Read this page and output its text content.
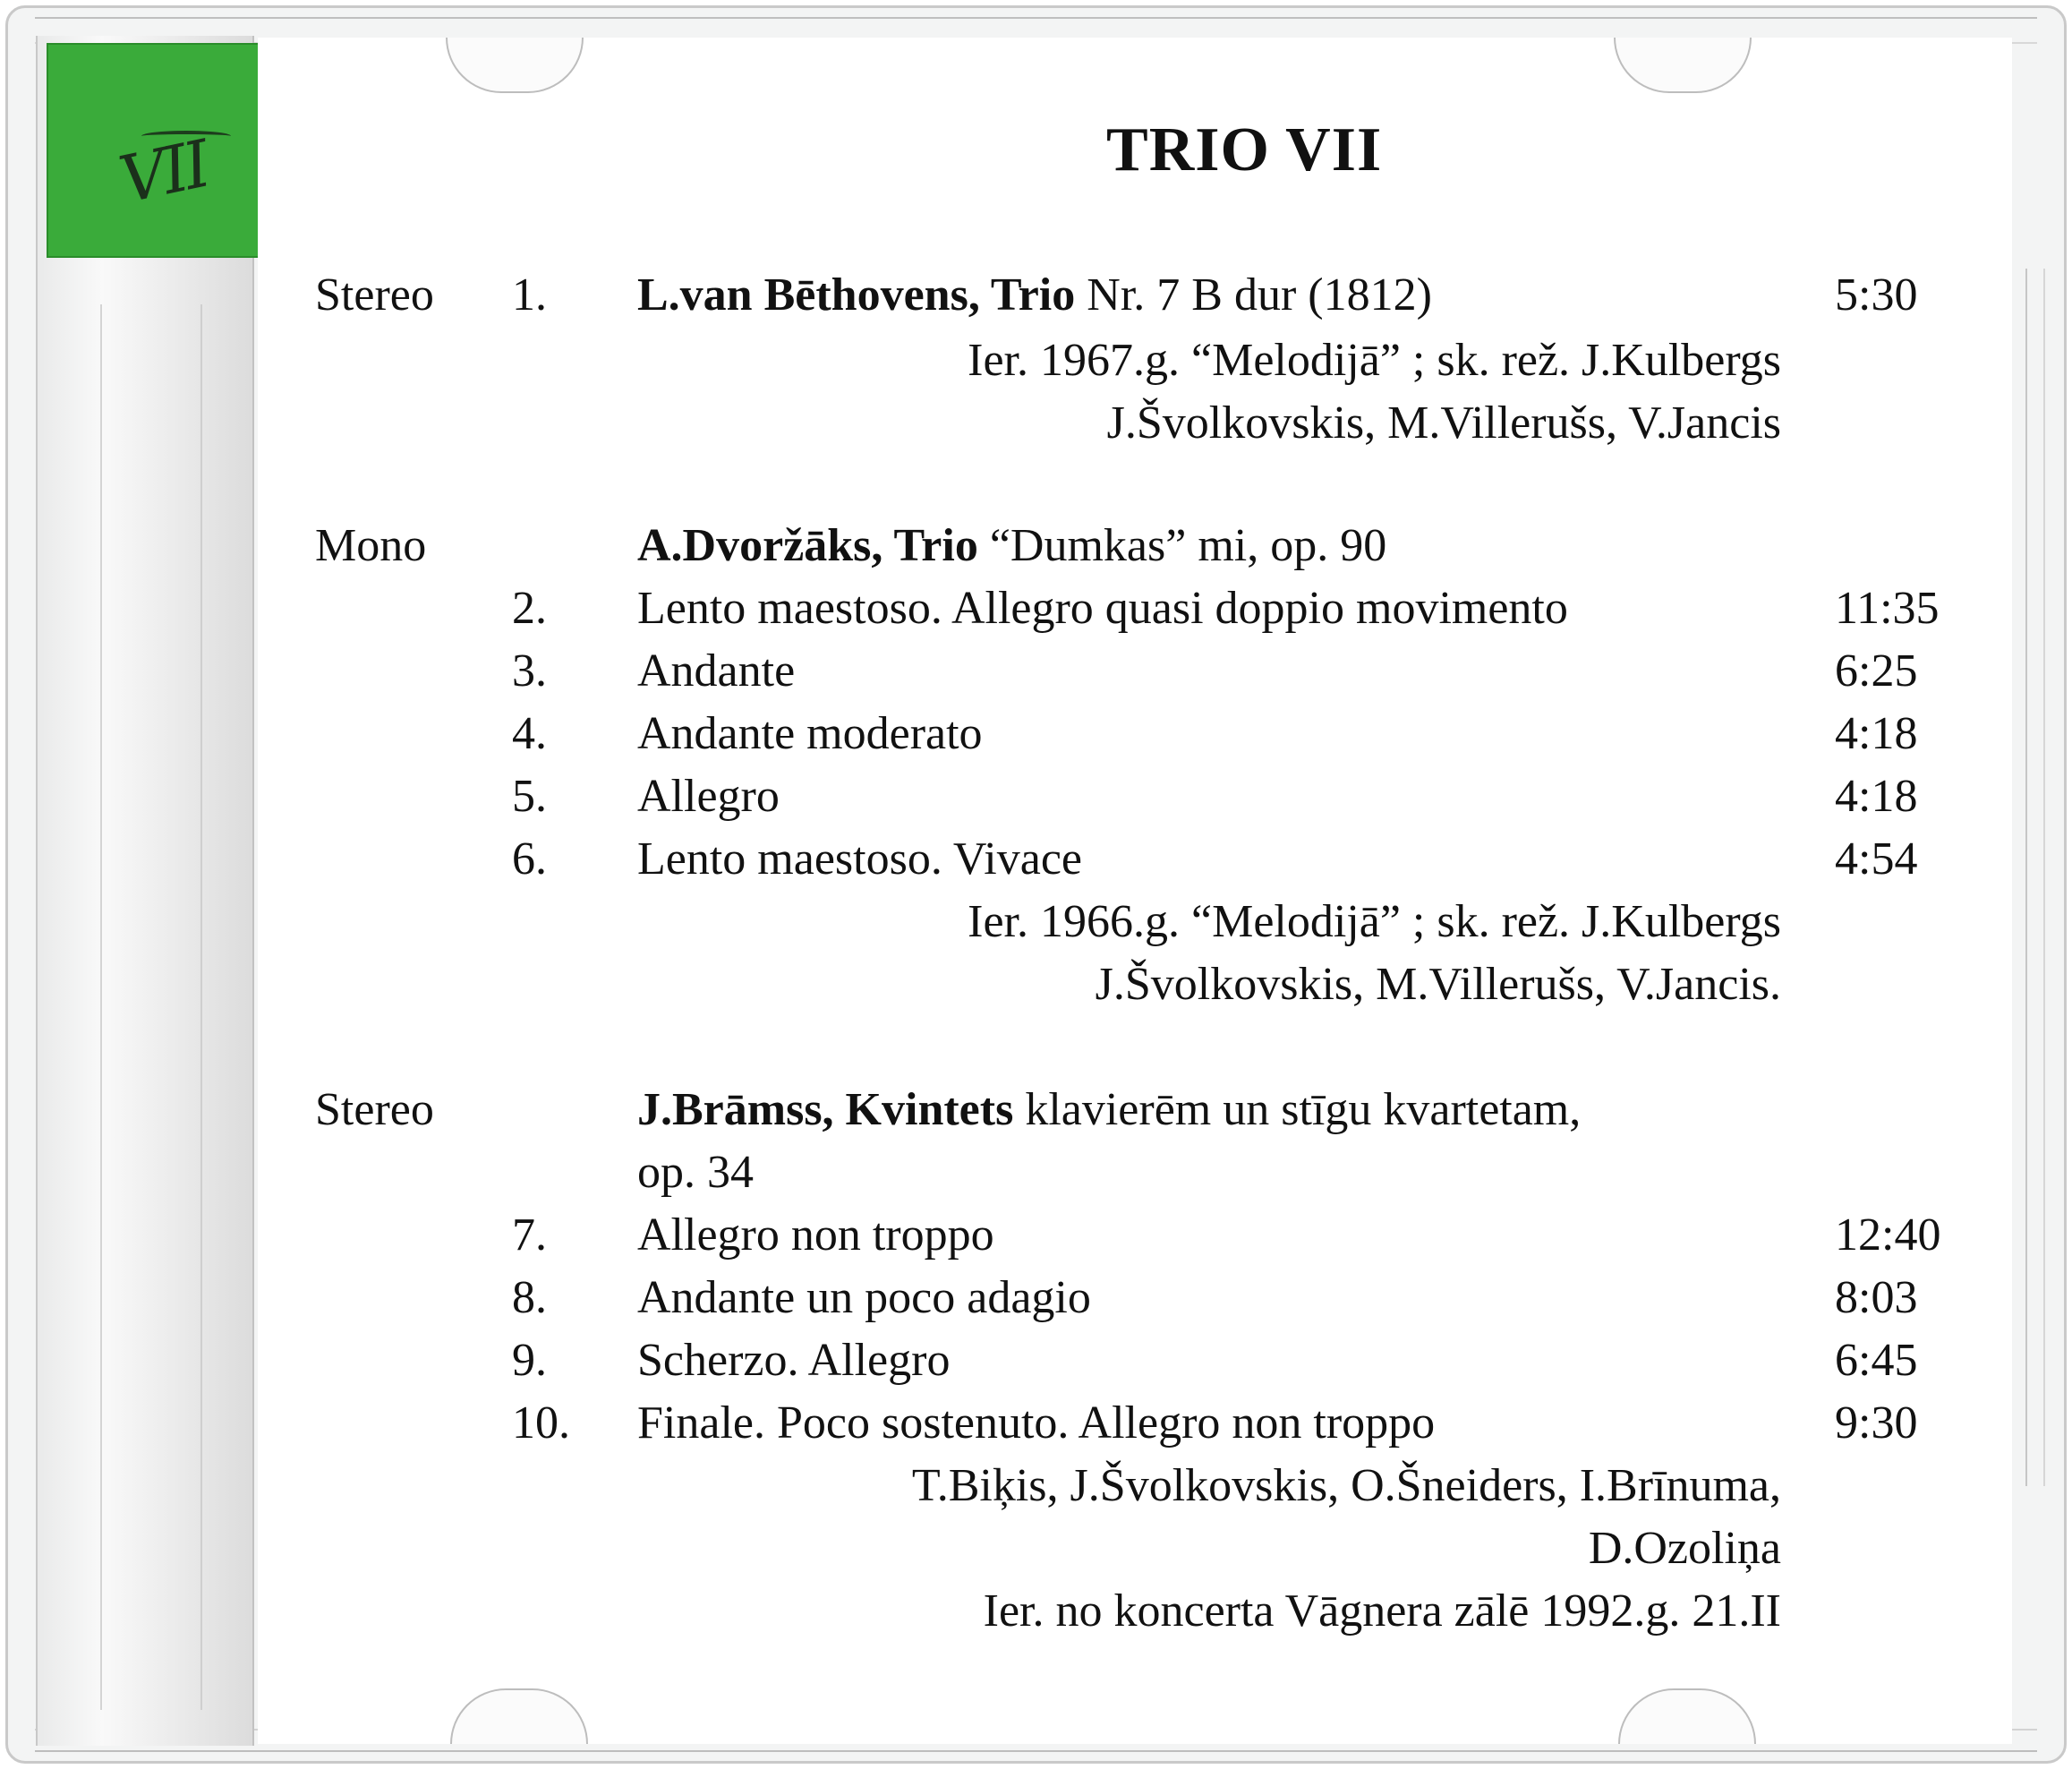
VII	TRIO VII
Stereo 1. L.van Bēthovens, Trio Nr. 7 B dur (1812)	5:30
Ier. 1967.g. “Melodijā” ; sk. rež. J.Kulbergs
J.Švolkovskis, M.Villerušs, V.Jancis
Mono	A.Dvoržāks, Trio “Dumkas” mi, op. 90
2. Lento maestoso. Allegro quasi doppio movimento	11:35
3. Andante	6:25
4. Andante moderato	4:18
5. Allegro	4:18
6. Lento maestoso. Vivace	4:54
Ier. 1966.g. “Melodijā” ; sk. rež. J.Kulbergs
J.Švolkovskis, M.Villerušs, V.Jancis.
Stereo	J.Brāmss, Kvintets klavierēm un stīgu kvartetam,
op. 34
7. Allegro non troppo	12:40
8. Andante un poco adagio	8:03
9. Scherzo. Allegro	6:45
10. Finale. Poco sostenuto. Allegro non troppo	9:30
T.Biķis, J.Švolkovskis, O.Šneiders, I.Brīnuma,
D.Ozoliņa
Ier. no koncerta Vāgnera zālē 1992.g. 21.II
